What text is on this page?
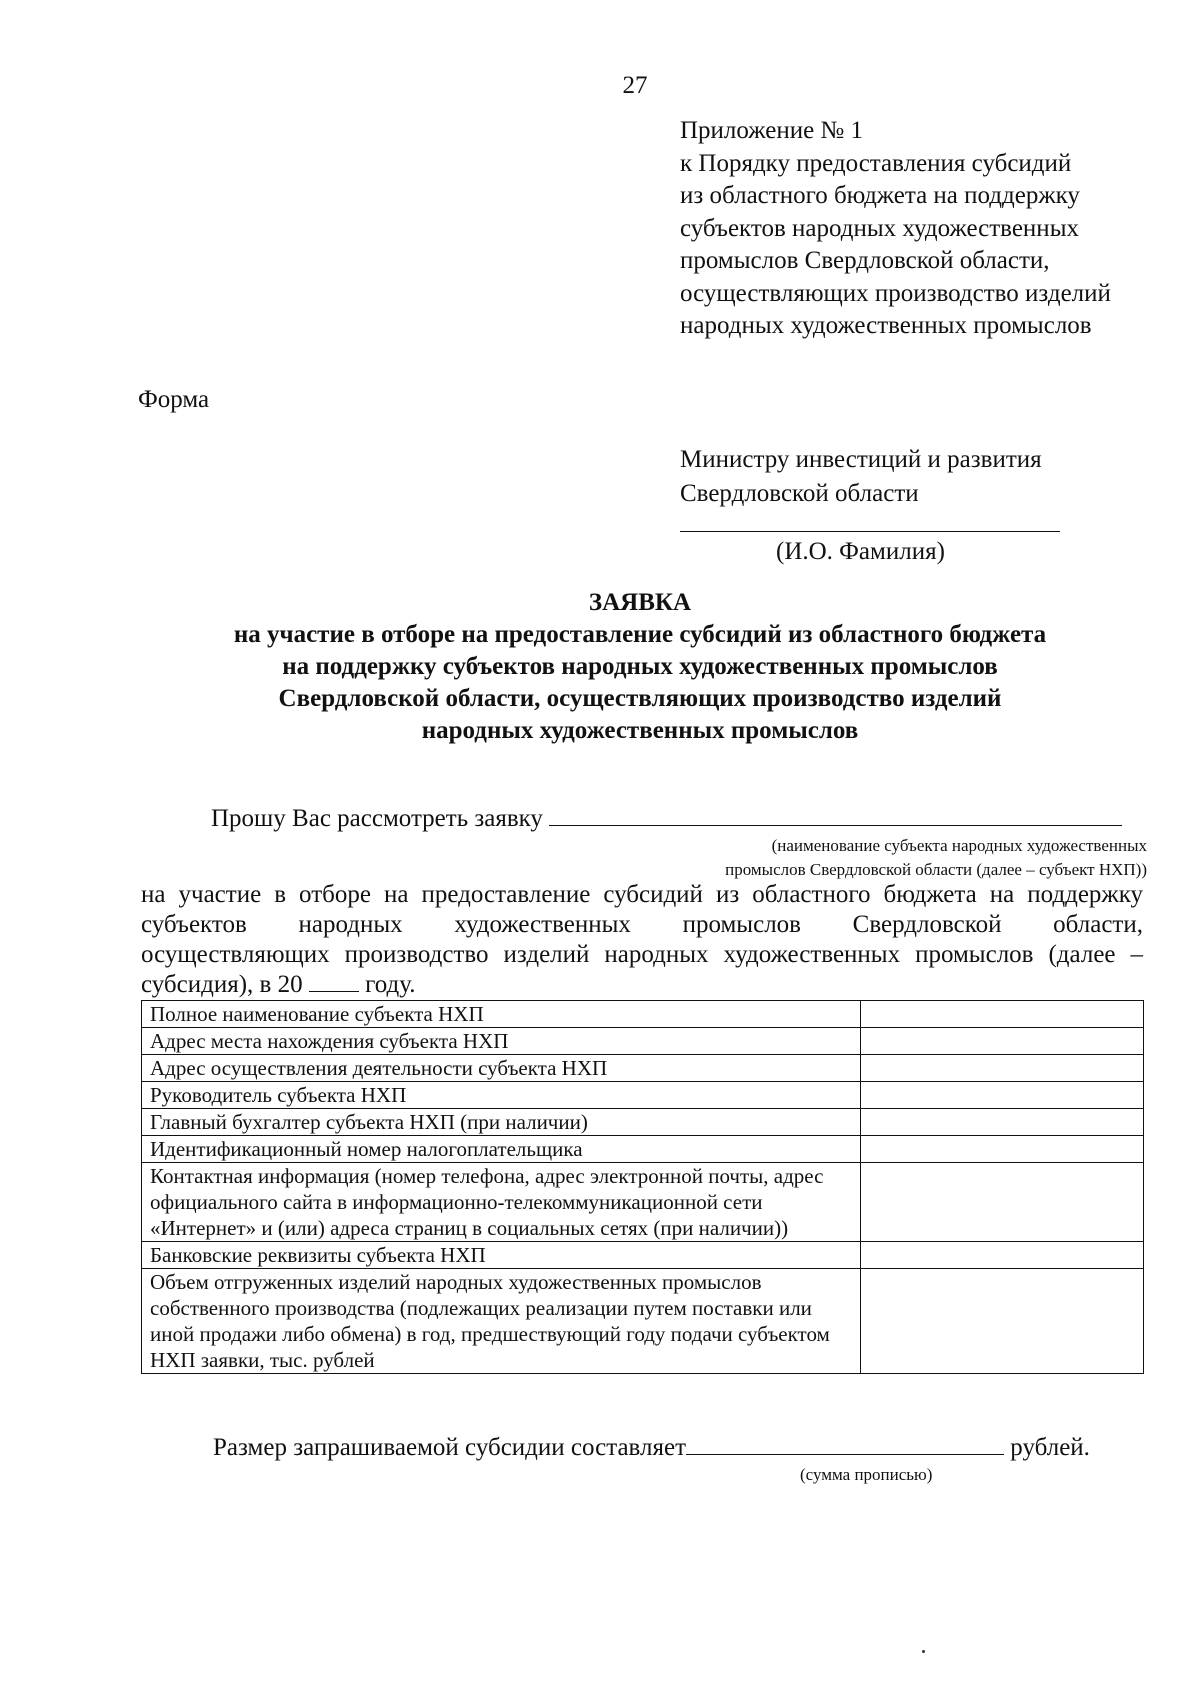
27
Приложение № 1
к Порядку предоставления субсидий
из областного бюджета на поддержку
субъектов народных художественных
промыслов Свердловской области,
осуществляющих производство изделий
народных художественных промыслов
Форма
Министру инвестиций и развития
Свердловской области
(И.О. Фамилия)
ЗАЯВКА
на участие в отборе на предоставление субсидий из областного бюджета
на поддержку субъектов народных художественных промыслов
Свердловской области, осуществляющих производство изделий
народных художественных промыслов
Прошу Вас рассмотреть заявку
(наименование субъекта народных художественных
промыслов Свердловской области (далее – субъект НХП))
на участие в отборе на предоставление субсидий из областного бюджета на поддержку
субъектов народных художественных промыслов Свердловской области,
осуществляющих производство изделий народных художественных промыслов (далее –
субсидия), в 20	году.
Полное наименование субъекта НХП	
Адрес места нахождения субъекта НХП	
Адрес осуществления деятельности субъекта НХП	
Руководитель субъекта НХП	
Главный бухгалтер субъекта НХП (при наличии)	
Идентификационный номер налогоплательщика	
Контактная информация (номер телефона, адрес электронной почты, адрес официального сайта в информационно-телекоммуникационной сети «Интернет» и (или) адреса страниц в социальных сетях (при наличии))	
Банковские реквизиты субъекта НХП	
Объем отгруженных изделий народных художественных промыслов собственного производства (подлежащих реализации путем поставки или иной продажи либо обмена) в год, предшествующий году подачи субъектом НХП заявки, тыс. рублей	
Размер запрашиваемой субсидии составляет	рублей.
(сумма прописью)
